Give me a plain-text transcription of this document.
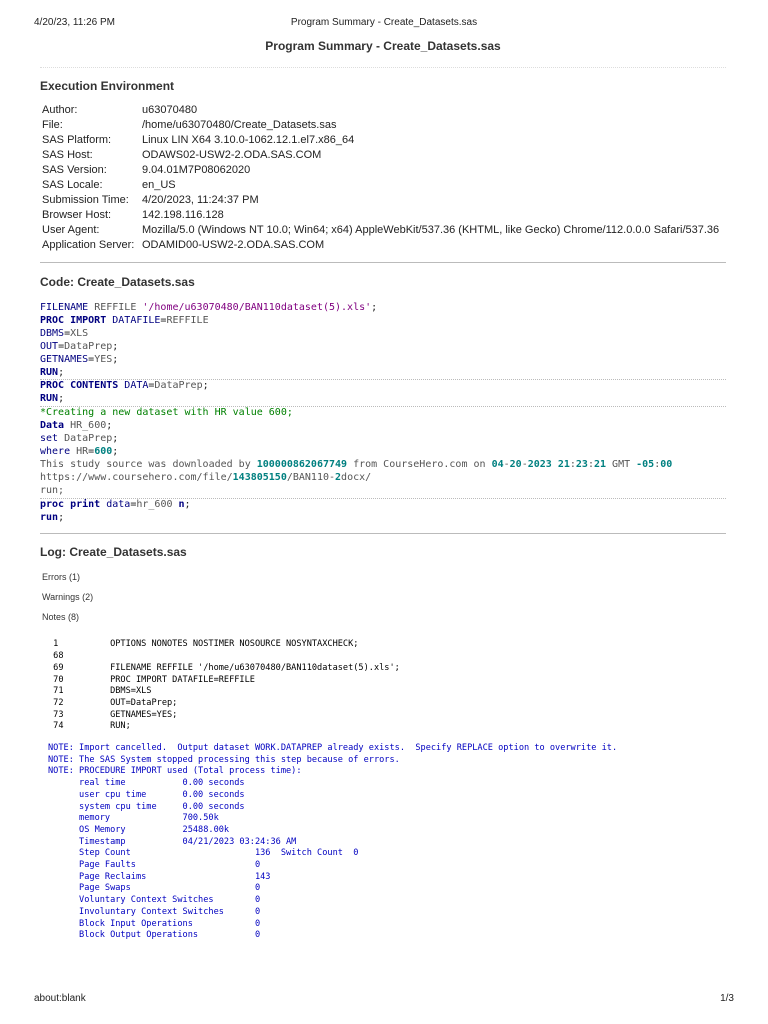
4/20/23, 11:26 PM	Program Summary - Create_Datasets.sas
Program Summary - Create_Datasets.sas
Execution Environment
Author:	u63070480
File:	/home/u63070480/Create_Datasets.sas
SAS Platform:	Linux LIN X64 3.10.0-1062.12.1.el7.x86_64
SAS Host:	ODAWS02-USW2-2.ODA.SAS.COM
SAS Version:	9.04.01M7P08062020
SAS Locale:	en_US
Submission Time:	4/20/2023, 11:24:37 PM
Browser Host:	142.198.116.128
User Agent:	Mozilla/5.0 (Windows NT 10.0; Win64; x64) AppleWebKit/537.36 (KHTML, like Gecko) Chrome/112.0.0.0 Safari/537.36
Application Server:	ODAMID00-USW2-2.ODA.SAS.COM
Code: Create_Datasets.sas
FILENAME REFFILE '/home/u63070480/BAN110dataset(5).xls';
PROC IMPORT DATAFILE=REFFILE
DBMS=XLS
OUT=DataPrep;
GETNAMES=YES;
RUN;
PROC CONTENTS DATA=DataPrep;
RUN;
*Creating a new dataset with HR value 600;
Data HR_600;
set DataPrep;
where HR=600;
This study source was downloaded by 100000862067749 from CourseHero.com on 04-20-2023 21:23:21 GMT -05:00
https://www.coursehero.com/file/143805150/BAN110-2docx/
run;
proc print data=hr_600 n;
run;
Log: Create_Datasets.sas
Errors (1)
Warnings (2)
Notes (8)
1          OPTIONS NONOTES NOSTIMER NOSOURCE NOSYNTAXCHECK;
68
69         FILENAME REFFILE '/home/u63070480/BAN110dataset(5).xls';
70         PROC IMPORT DATAFILE=REFFILE
71         DBMS=XLS
72         OUT=DataPrep;
73         GETNAMES=YES;
74         RUN;
NOTE: Import cancelled.  Output dataset WORK.DATAPREP already exists.  Specify REPLACE option to overwrite it.
NOTE: The SAS System stopped processing this step because of errors.
NOTE: PROCEDURE IMPORT used (Total process time):
real time           0.00 seconds
user cpu time       0.00 seconds
system cpu time     0.00 seconds
memory              700.50k
OS Memory           25488.00k
Timestamp           04/21/2023 03:24:36 AM
Step Count                        136  Switch Count  0
Page Faults                       0
Page Reclaims                     143
Page Swaps                        0
Voluntary Context Switches        0
Involuntary Context Switches      0
Block Input Operations            0
Block Output Operations           0
about:blank	1/3
